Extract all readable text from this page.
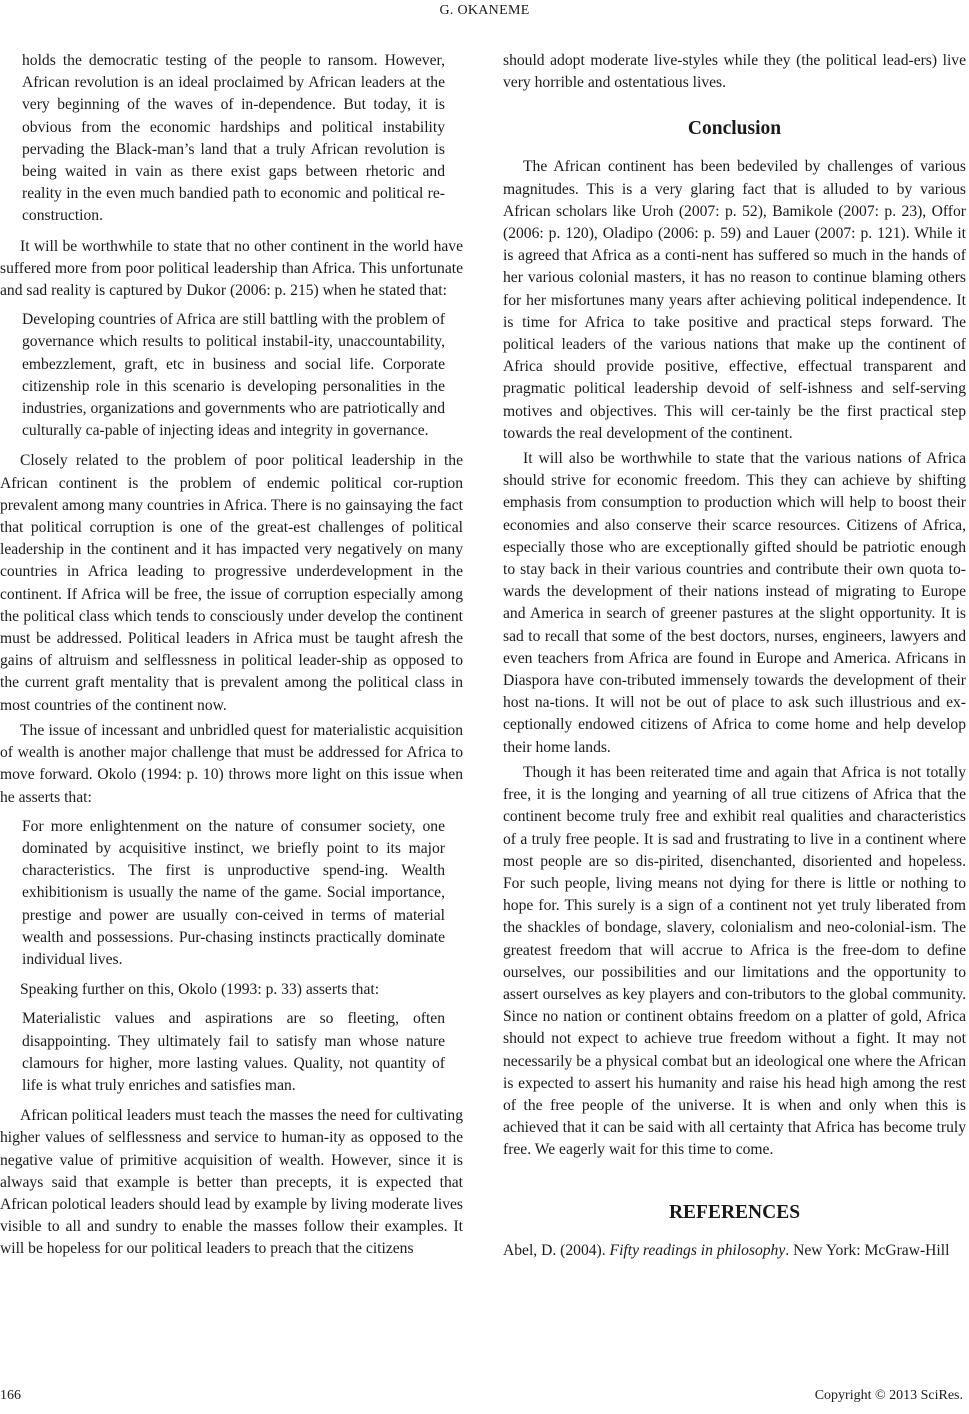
G. OKANEME

holds the democratic testing of the people to ransom. However, African revolution is an ideal proclaimed by African leaders at the very beginning of the waves of in-dependence. But today, it is obvious from the economic hardships and political instability pervading the Black-man’s land that a truly African revolution is being waited in vain as there exist gaps between rhetoric and reality in the even much bandied path to economic and political re-construction.

It will be worthwhile to state that no other continent in the world have suffered more from poor political leadership than Africa. This unfortunate and sad reality is captured by Dukor (2006: p. 215) when he stated that:

Developing countries of Africa are still battling with the problem of governance which results to political instabil-ity, unaccountability, embezzlement, graft, etc in business and social life. Corporate citizenship role in this scenario is developing personalities in the industries, organizations and governments who are patriotically and culturally ca-pable of injecting ideas and integrity in governance.

Closely related to the problem of poor political leadership in the African continent is the problem of endemic political cor-ruption prevalent among many countries in Africa. There is no gainsaying the fact that political corruption is one of the great-est challenges of political leadership in the continent and it has impacted very negatively on many countries in Africa leading to progressive underdevelopment in the continent. If Africa will be free, the issue of corruption especially among the political class which tends to consciously under develop the continent must be addressed. Political leaders in Africa must be taught afresh the gains of altruism and selflessness in political leader-ship as opposed to the current graft mentality that is prevalent among the political class in most countries of the continent now.

The issue of incessant and unbridled quest for materialistic acquisition of wealth is another major challenge that must be addressed for Africa to move forward. Okolo (1994: p. 10) throws more light on this issue when he asserts that:

For more enlightenment on the nature of consumer society, one dominated by acquisitive instinct, we briefly point to its major characteristics. The first is unproductive spend-ing. Wealth exhibitionism is usually the name of the game. Social importance, prestige and power are usually con-ceived in terms of material wealth and possessions. Pur-chasing instincts practically dominate individual lives.

Speaking further on this, Okolo (1993: p. 33) asserts that:

Materialistic values and aspirations are so fleeting, often disappointing. They ultimately fail to satisfy man whose nature clamours for higher, more lasting values. Quality, not quantity of life is what truly enriches and satisfies man.

African political leaders must teach the masses the need for cultivating higher values of selflessness and service to human-ity as opposed to the negative value of primitive acquisition of wealth. However, since it is always said that example is better than precepts, it is expected that African polotical leaders should lead by example by living moderate lives visible to all and sundry to enable the masses follow their examples. It will be hopeless for our political leaders to preach that the citizens

should adopt moderate live-styles while they (the political lead-ers) live very horrible and ostentatious lives.

Conclusion

The African continent has been bedeviled by challenges of various magnitudes. This is a very glaring fact that is alluded to by various African scholars like Uroh (2007: p. 52), Bamikole (2007: p. 23), Offor (2006: p. 120), Oladipo (2006: p. 59) and Lauer (2007: p. 121). While it is agreed that Africa as a conti-nent has suffered so much in the hands of her various colonial masters, it has no reason to continue blaming others for her misfortunes many years after achieving political independence. It is time for Africa to take positive and practical steps forward. The political leaders of the various nations that make up the continent of Africa should provide positive, effective, effectual transparent and pragmatic political leadership devoid of self-ishness and self-serving motives and objectives. This will cer-tainly be the first practical step towards the real development of the continent.

It will also be worthwhile to state that the various nations of Africa should strive for economic freedom. This they can achieve by shifting emphasis from consumption to production which will help to boost their economies and also conserve their scarce resources. Citizens of Africa, especially those who are exceptionally gifted should be patriotic enough to stay back in their various countries and contribute their own quota to-wards the development of their nations instead of migrating to Europe and America in search of greener pastures at the slight opportunity. It is sad to recall that some of the best doctors, nurses, engineers, lawyers and even teachers from Africa are found in Europe and America. Africans in Diaspora have con-tributed immensely towards the development of their host na-tions. It will not be out of place to ask such illustrious and ex-ceptionally endowed citizens of Africa to come home and help develop their home lands.

Though it has been reiterated time and again that Africa is not totally free, it is the longing and yearning of all true citizens of Africa that the continent become truly free and exhibit real qualities and characteristics of a truly free people. It is sad and frustrating to live in a continent where most people are so dis-pirited, disenchanted, disoriented and hopeless. For such people, living means not dying for there is little or nothing to hope for. This surely is a sign of a continent not yet truly liberated from the shackles of bondage, slavery, colonialism and neo-colonial-ism. The greatest freedom that will accrue to Africa is the free-dom to define ourselves, our possibilities and our limitations and the opportunity to assert ourselves as key players and con-tributors to the global community. Since no nation or continent obtains freedom on a platter of gold, Africa should not expect to achieve true freedom without a fight. It may not necessarily be a physical combat but an ideological one where the African is expected to assert his humanity and raise his head high among the rest of the free people of the universe. It is when and only when this is achieved that it can be said with all certainty that Africa has become truly free. We eagerly wait for this time to come.

REFERENCES

Abel, D. (2004). Fifty readings in philosophy. New York: McGraw-Hill

166	Copyright © 2013 SciRes.
